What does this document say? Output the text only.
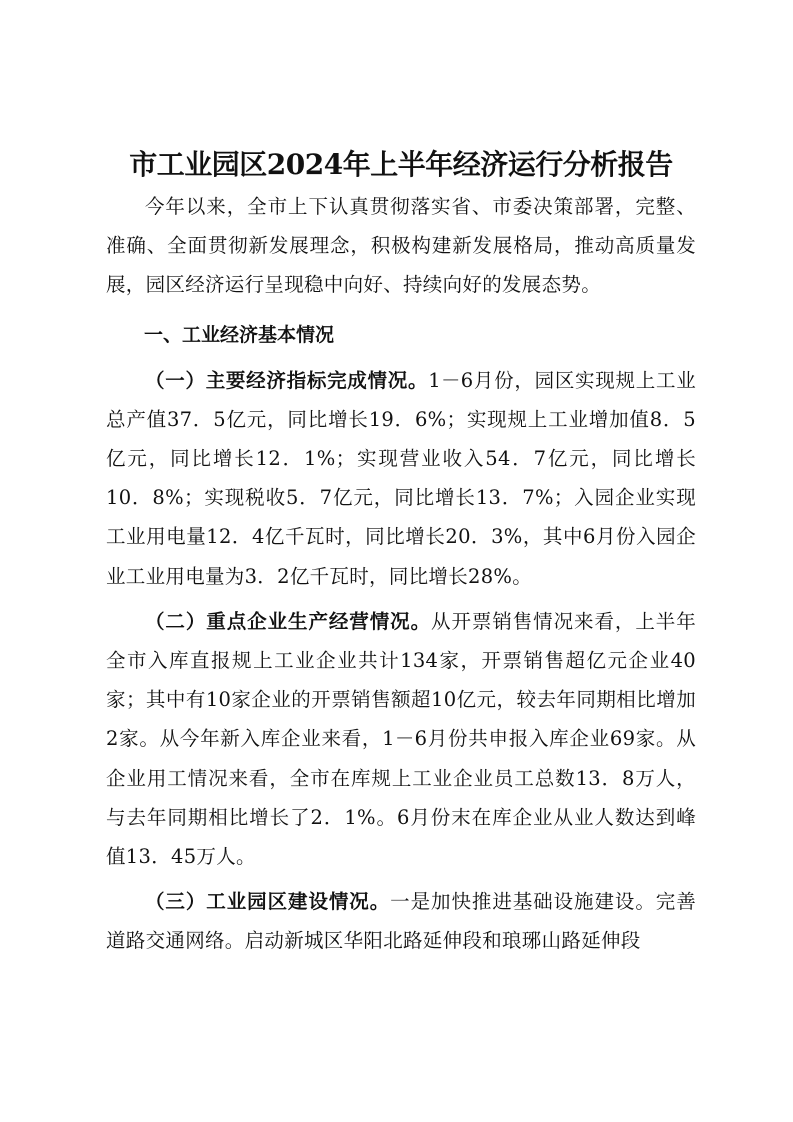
市工业园区2024年上半年经济运行分析报告

今年以来，全市上下认真贯彻落实省、市委决策部署，完整、准确、全面贯彻新发展理念，积极构建新发展格局，推动高质量发展，园区经济运行呈现稳中向好、持续向好的发展态势。

一、工业经济基本情况

（一）主要经济指标完成情况。1－6月份，园区实现规上工业总产值37．5亿元，同比增长19．6%；实现规上工业增加值8．5亿元，同比增长12．1%；实现营业收入54．7亿元，同比增长10．8%；实现税收5．7亿元，同比增长13．7%；入园企业实现工业用电量12．4亿千瓦时，同比增长20．3%，其中6月份入园企业工业用电量为3．2亿千瓦时，同比增长28%。

（二）重点企业生产经营情况。从开票销售情况来看，上半年全市入库直报规上工业企业共计134家，开票销售超亿元企业40家；其中有10家企业的开票销售额超10亿元，较去年同期相比增加2家。从今年新入库企业来看，1－6月份共申报入库企业69家。从企业用工情况来看，全市在库规上工业企业员工总数13．8万人，与去年同期相比增长了2．1%。6月份末在库企业从业人数达到峰值13．45万人。

（三）工业园区建设情况。一是加快推进基础设施建设。完善道路交通网络。启动新城区华阳北路延伸段和琅琊山路延伸段
